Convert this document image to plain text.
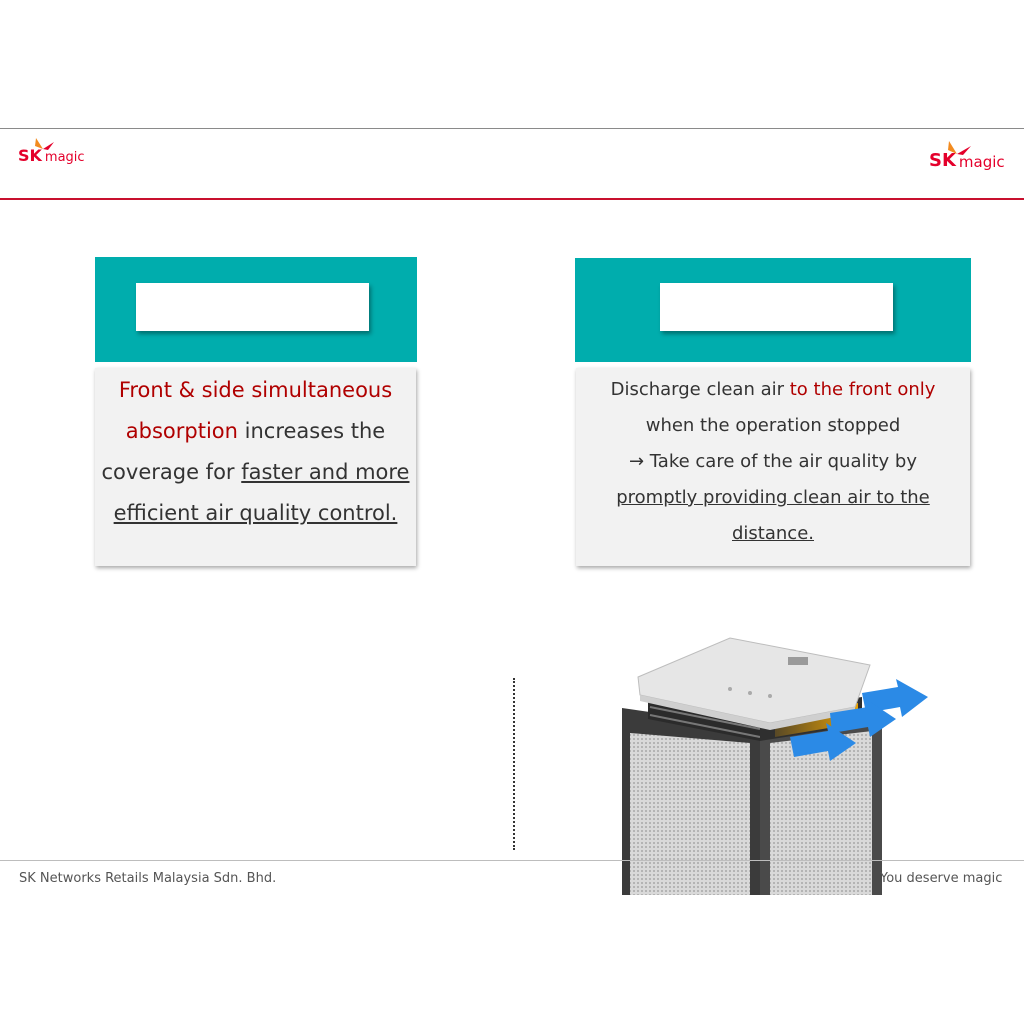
SK magic	SK magic

Front & side simultaneous

absorption increases the

coverage for faster and more

efficient air quality control.

Discharge clean air to the front only

when the operation stopped

→ Take care of the air quality by

promptly providing clean air to the

distance.

SK Networks Retails Malaysia Sdn. Bhd.	You deserve magic
